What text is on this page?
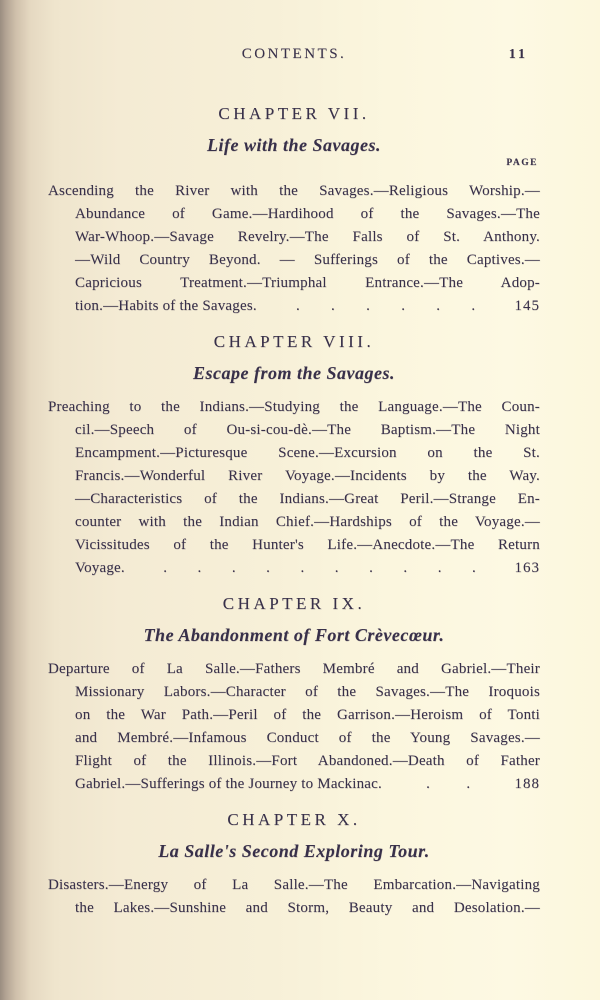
CONTENTS.	11
CHAPTER VII.
Life with the Savages.
PAGE
Ascending the River with the Savages.—Religious Worship.—
Abundance of Game.—Hardihood of the Savages.—The
War-Whoop.—Savage Revelry.—The Falls of St. Anthony.
—Wild Country Beyond. — Sufferings of the Captives.—
Capricious Treatment.—Triumphal Entrance.—The Adop-
tion.—Habits of the Savages.	. . . . . .	145
CHAPTER VIII.
Escape from the Savages.
Preaching to the Indians.—Studying the Language.—The Coun-
cil.—Speech of Ou-si-cou-dè.—The Baptism.—The Night
Encampment.—Picturesque Scene.—Excursion on the St.
Francis.—Wonderful River Voyage.—Incidents by the Way.
—Characteristics of the Indians.—Great Peril.—Strange En-
counter with the Indian Chief.—Hardships of the Voyage.—
Vicissitudes of the Hunter's Life.—Anecdote.—The Return
Voyage.	. . . . . . . . . .	163
CHAPTER IX.
The Abandonment of Fort Crèvecœur.
Departure of La Salle.—Fathers Membré and Gabriel.—Their
Missionary Labors.—Character of the Savages.—The Iroquois
on the War Path.—Peril of the Garrison.—Heroism of Tonti
and Membré.—Infamous Conduct of the Young Savages.—
Flight of the Illinois.—Fort Abandoned.—Death of Father
Gabriel.—Sufferings of the Journey to Mackinac.	. .	188
CHAPTER X.
La Salle's Second Exploring Tour.
Disasters.—Energy of La Salle.—The Embarcation.—Navigating
the Lakes.—Sunshine and Storm, Beauty and Desolation.—
